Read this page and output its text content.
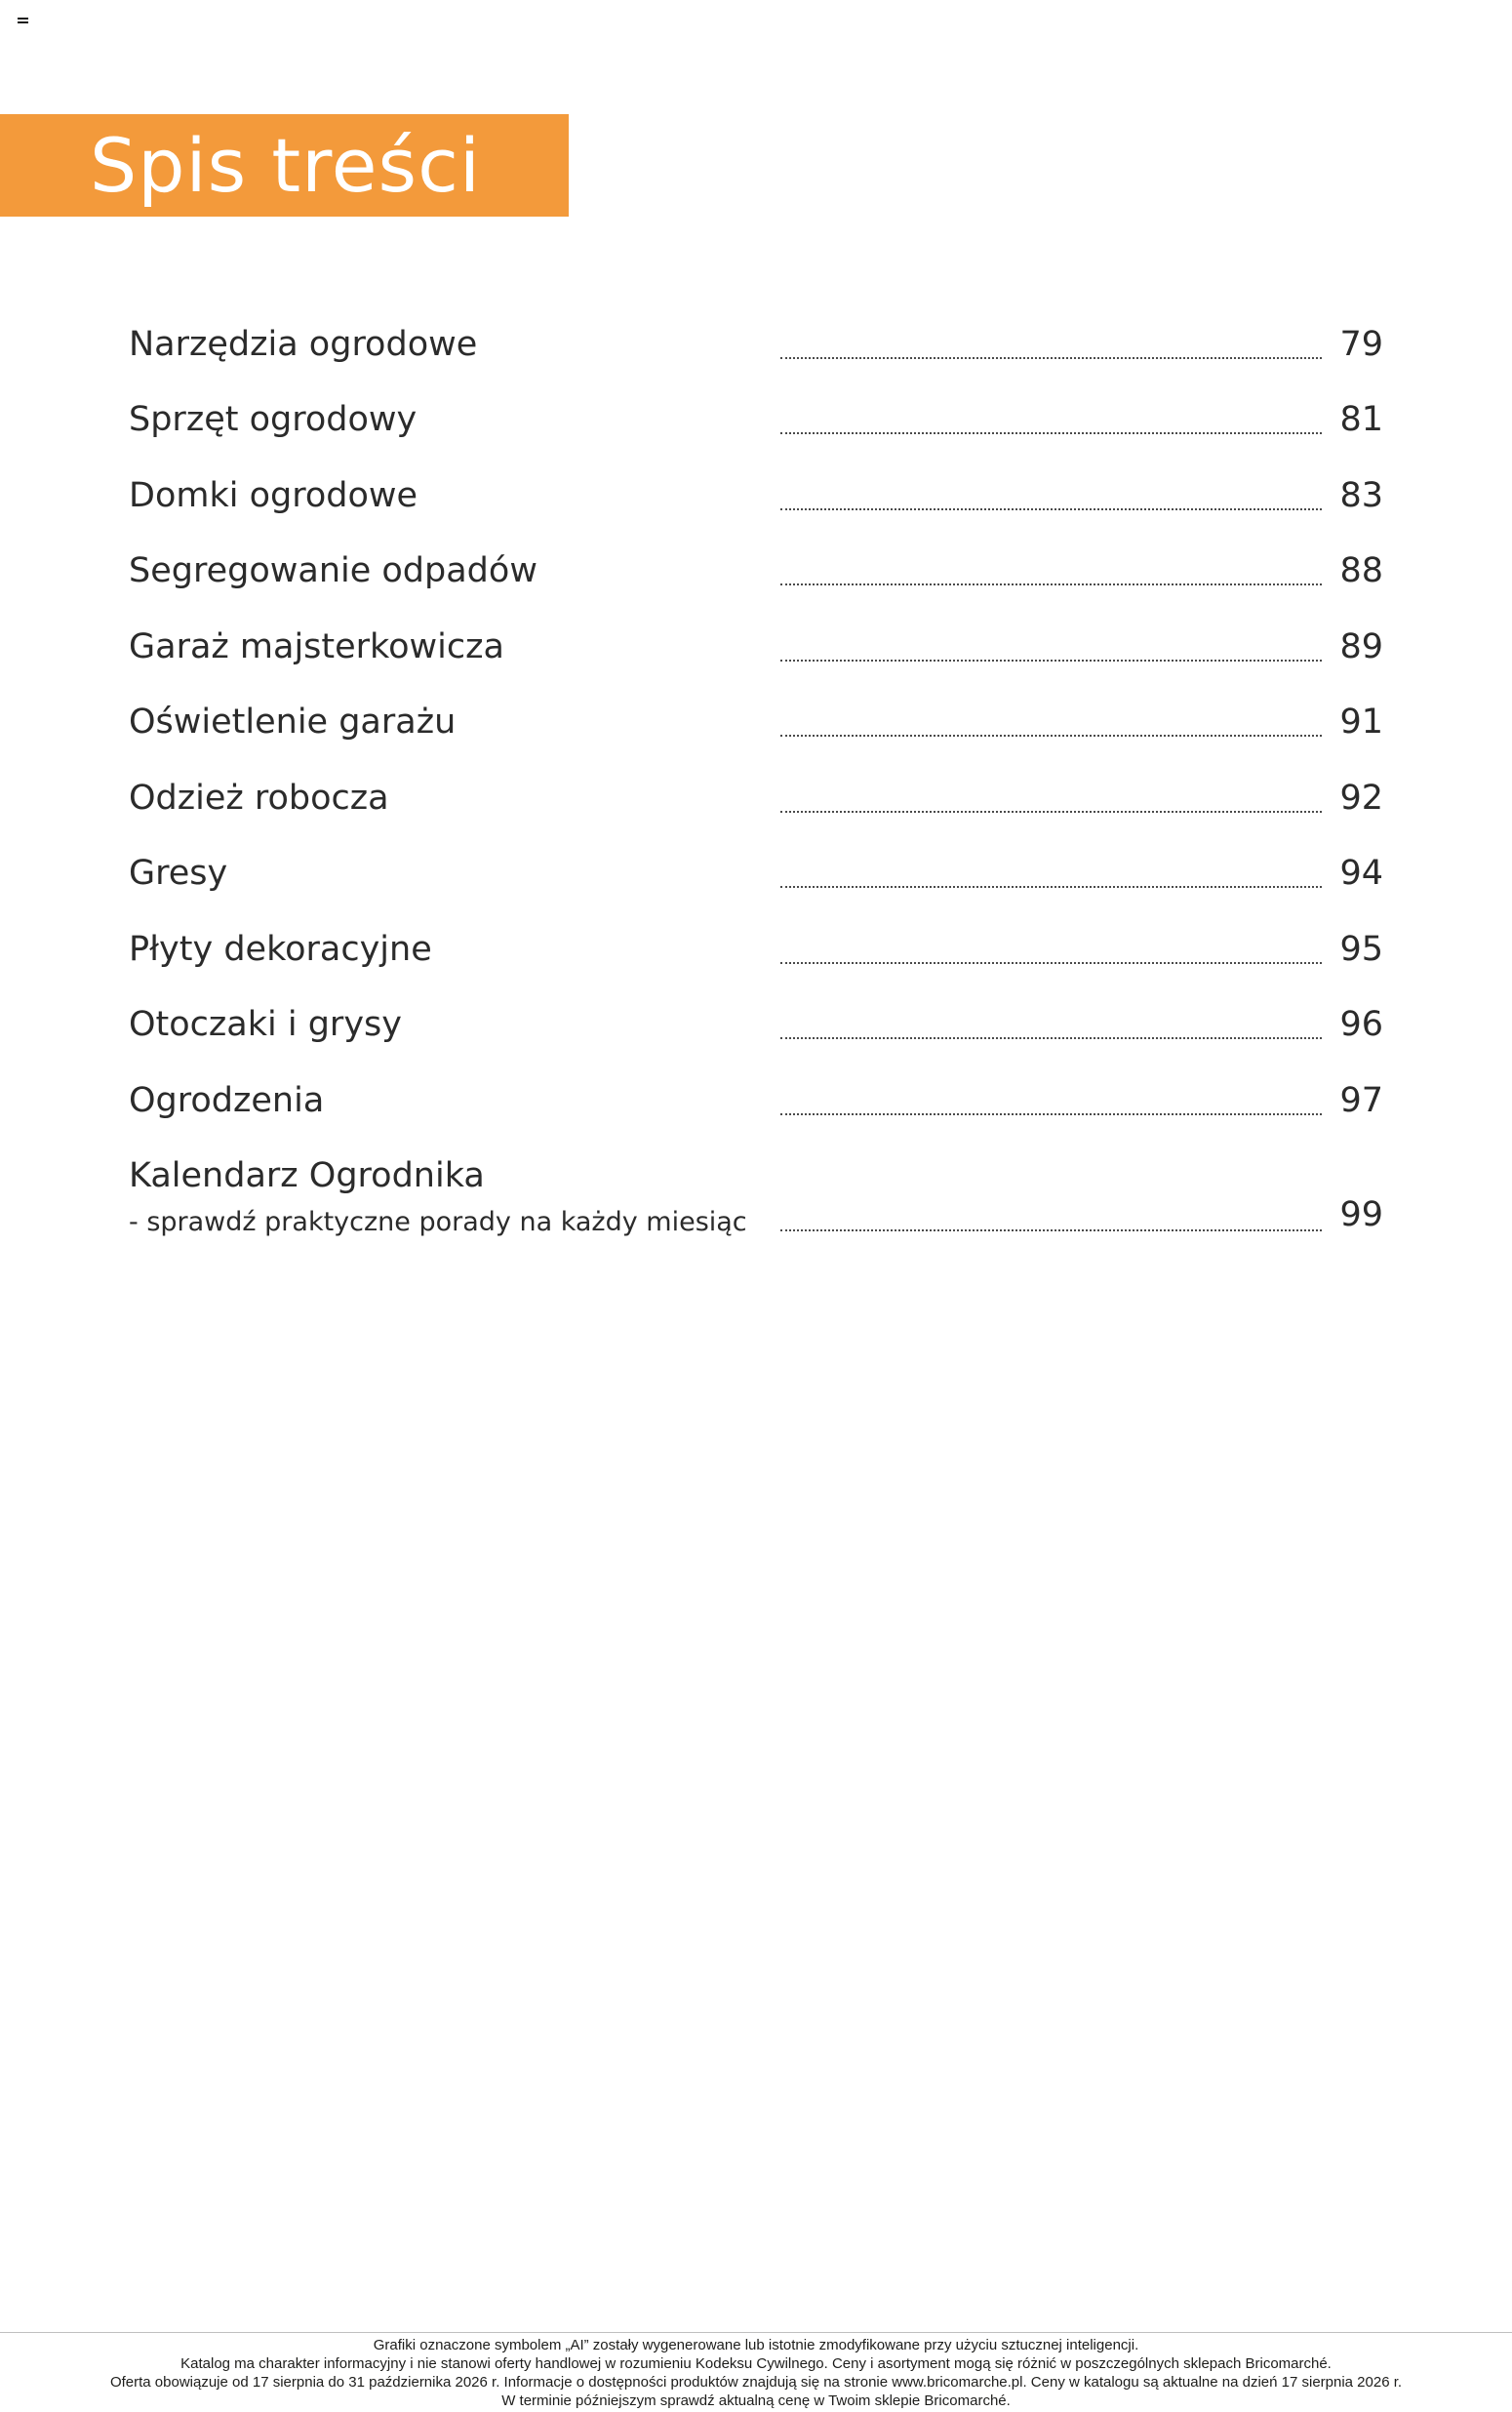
Spis treści
Narzędzia ogrodowe	79
Sprzęt ogrodowy	81
Domki ogrodowe	83
Segregowanie odpadów	88
Garaż majsterkowicza	89
Oświetlenie garażu	91
Odzież robocza	92
Gresy	94
Płyty dekoracyjne	95
Otoczaki i grysy	96
Ogrodzenia	97
Kalendarz Ogrodnika
- sprawdź praktyczne porady na każdy miesiąc	99
Grafiki oznaczone symbolem „AI” zostały wygenerowane lub istotnie zmodyfikowane przy użyciu sztucznej inteligencji.
Katalog ma charakter informacyjny i nie stanowi oferty handlowej w rozumieniu Kodeksu Cywilnego. Ceny i asortyment mogą się różnić w poszczególnych sklepach Bricomarché.
Oferta obowiązuje od 17 sierpnia do 31 października 2026 r. Informacje o dostępności produktów znajdują się na stronie www.bricomarche.pl. Ceny w katalogu są aktualne na dzień 17 sierpnia 2026 r.
W terminie późniejszym sprawdź aktualną cenę w Twoim sklepie Bricomarché.
